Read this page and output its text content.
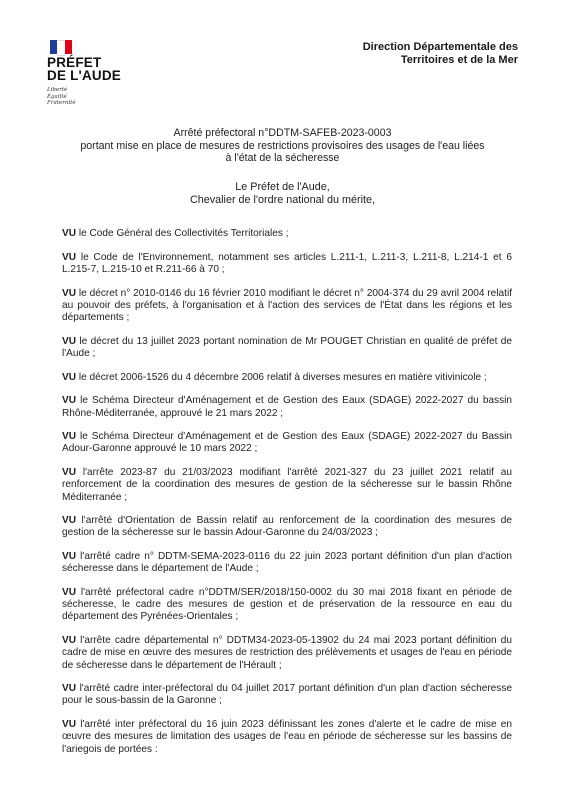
PRÉFET
DE L'AUDE
Liberté
Égalité
Fraternité
Direction Départementale des
Territoires et de la Mer
Arrêté préfectoral n°DDTM-SAFEB-2023-0003
portant mise en place de mesures de restrictions provisoires des usages de l'eau liées
à l'état de la sécheresse
Le Préfet de l'Aude,
Chevalier de l'ordre national du mérite,

VU le Code Général des Collectivités Territoriales ;

VU le Code de l'Environnement, notamment ses articles L.211-1, L.211-3, L.211-8, L.214-1 et 6 L.215-7, L.215-10 et R.211-66 à 70 ;

VU le décret n° 2010-0146 du 16 février 2010 modifiant le décret n° 2004-374 du 29 avril 2004 relatif au pouvoir des préfets, à l'organisation et à l'action des services de l'État dans les régions et les départements ;

VU le décret du 13 juillet 2023 portant nomination de Mr POUGET Christian en qualité de préfet de l'Aude ;

VU le décret 2006-1526 du 4 décembre 2006 relatif à diverses mesures en matière vitivinicole ;

VU le Schéma Directeur d'Aménagement et de Gestion des Eaux (SDAGE) 2022-2027 du bassin Rhône-Méditerranée, approuvé le 21 mars 2022 ;

VU le Schéma Directeur d'Aménagement et de Gestion des Eaux (SDAGE) 2022-2027 du Bassin Adour-Garonne approuvé le 10 mars 2022 ;

VU l'arrête 2023-87 du 21/03/2023 modifiant l'arrêté 2021-327 du 23 juillet 2021 relatif au renforcement de la coordination des mesures de gestion de la sécheresse sur le bassin Rhône Méditerranée ;

VU l'arrêté d'Orientation de Bassin relatif au renforcement de la coordination des mesures de gestion de la sécheresse sur le bassin Adour-Garonne du 24/03/2023 ;

VU l'arrêté cadre n° DDTM-SEMA-2023-0116 du 22 juin 2023 portant définition d'un plan d'action sécheresse dans le département de l'Aude ;

VU l'arrêté préfectoral cadre n°DDTM/SER/2018/150-0002 du 30 mai 2018 fixant en période de sécheresse, le cadre des mesures de gestion et de préservation de la ressource en eau du département des Pyrénées-Orientales ;

VU l'arrête cadre départemental n° DDTM34-2023-05-13902 du 24 mai 2023 portant définition du cadre de mise en œuvre des mesures de restriction des prélèvements et usages de l'eau en période de sécheresse dans le département de l'Hérault ;

VU l'arrêté cadre inter-préfectoral du 04 juillet 2017 portant définition d'un plan d'action sécheresse pour le sous-bassin de la Garonne ;

VU l'arrêté inter préfectoral du 16 juin 2023 définissant les zones d'alerte et le cadre de mise en œuvre des mesures de limitation des usages de l'eau en période de sécheresse sur les bassins de l'ariegois de portées :
